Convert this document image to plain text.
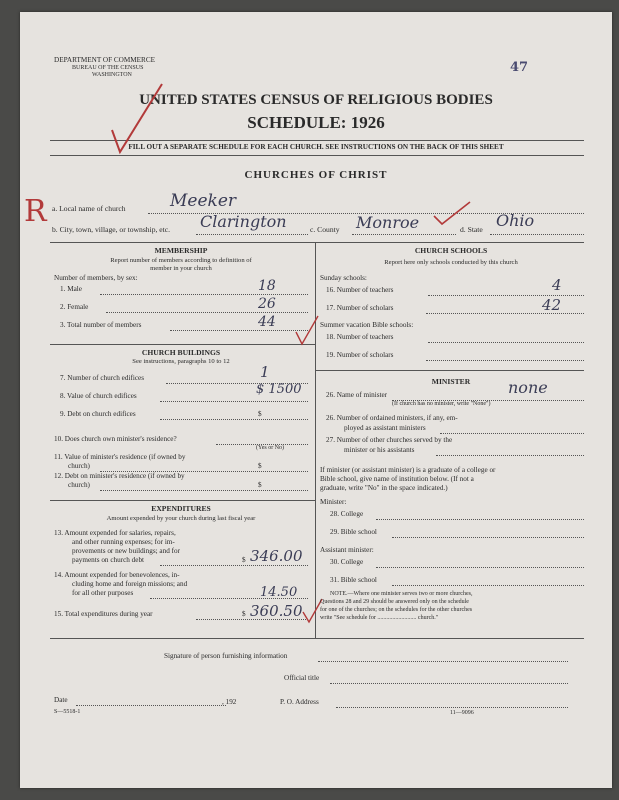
DEPARTMENT OF COMMERCE
BUREAU OF THE CENSUS
WASHINGTON	47
UNITED STATES CENSUS OF RELIGIOUS BODIES
SCHEDULE: 1926
FILL OUT A SEPARATE SCHEDULE FOR EACH CHURCH. SEE INSTRUCTIONS ON THE BACK OF THIS SHEET
CHURCHES OF CHRIST
R a. Local name of church	Meeker
b. City, town, village, or township, etc. Clarington	c. County Monroe	d. State Ohio
MEMBERSHIP
Report number of members according to definition of
member in your church
Number of members, by sex:
1. Male	18
2. Female	26
3. Total number of members	44
CHURCH BUILDINGS
See instructions, paragraphs 10 to 12
7. Number of church edifices	1
8. Value of church edifices	$ 1500
9. Debt on church edifices	$
10. Does church own minister's residence?
(Yes or No)
11. Value of minister's residence (if owned by
church)	$
12. Debt on minister's residence (if owned by
church)	$
EXPENDITURES
Amount expended by your church during last fiscal year
13. Amount expended for salaries, repairs,
and other running expenses; for im-
provements or new buildings; and for
payments on church debt	$ 346.00
14. Amount expended for benevolences, in-
cluding home and foreign missions; and
for all other purposes	14.50
15. Total expenditures during year	$ 360.50
CHURCH SCHOOLS
Report here only schools conducted by this church
Sunday schools:
16. Number of teachers	4
17. Number of scholars	42
Summer vacation Bible schools:
18. Number of teachers
19. Number of scholars
MINISTER
26. Name of minister
(If church has no minister, write "None")
none
26. Number of ordained ministers, if any, em-
ployed as assistant ministers
27. Number of other churches served by the
minister or his assistants
If minister (or assistant minister) is a graduate of a college or
Bible school, give name of institution below. (If not a
graduate, write "No" in the space indicated.)
Minister:
28. College
29. Bible school
Assistant minister:
30. College
31. Bible school
NOTE.—Where one minister serves two or more churches,
Questions 28 and 29 should be answered only on the schedule
for one of the churches; on the schedules for the other churches
write "See schedule for .......................... church."
Signature of person furnishing information
Official title
Date	, 192	P. O. Address
S—5518-1	11—9096
